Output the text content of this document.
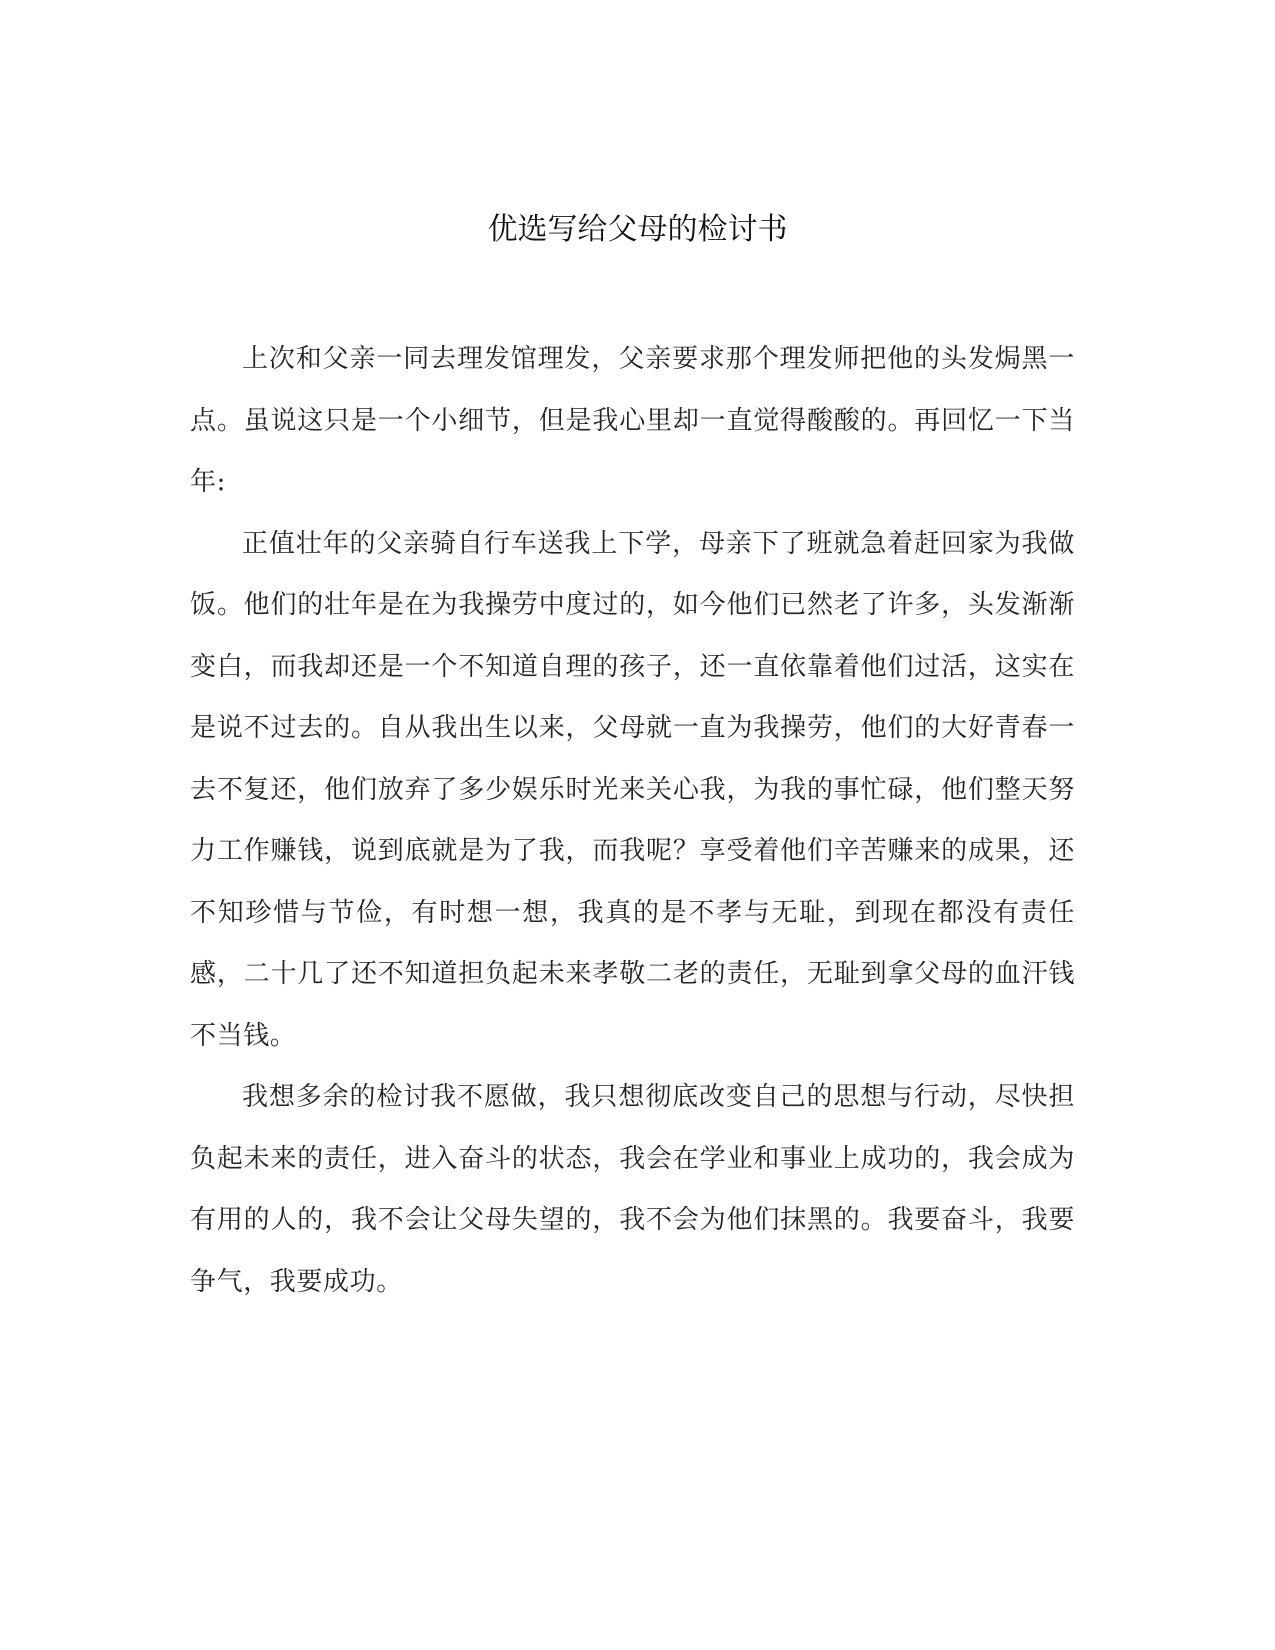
优选写给父母的检讨书

上次和父亲一同去理发馆理发，父亲要求那个理发师把他的头发焗黑一点。虽说这只是一个小细节，但是我心里却一直觉得酸酸的。再回忆一下当年:

正值壮年的父亲骑自行车送我上下学，母亲下了班就急着赶回家为我做饭。他们的壮年是在为我操劳中度过的，如今他们已然老了许多，头发渐渐变白，而我却还是一个不知道自理的孩子，还一直依靠着他们过活，这实在是说不过去的。自从我出生以来，父母就一直为我操劳，他们的大好青春一去不复还，他们放弃了多少娱乐时光来关心我，为我的事忙碌，他们整天努力工作赚钱，说到底就是为了我，而我呢？享受着他们辛苦赚来的成果，还不知珍惜与节俭，有时想一想，我真的是不孝与无耻，到现在都没有责任感，二十几了还不知道担负起未来孝敬二老的责任，无耻到拿父母的血汗钱不当钱。

我想多余的检讨我不愿做，我只想彻底改变自己的思想与行动，尽快担负起未来的责任，进入奋斗的状态，我会在学业和事业上成功的，我会成为有用的人的，我不会让父母失望的，我不会为他们抹黑的。我要奋斗，我要争气，我要成功。
